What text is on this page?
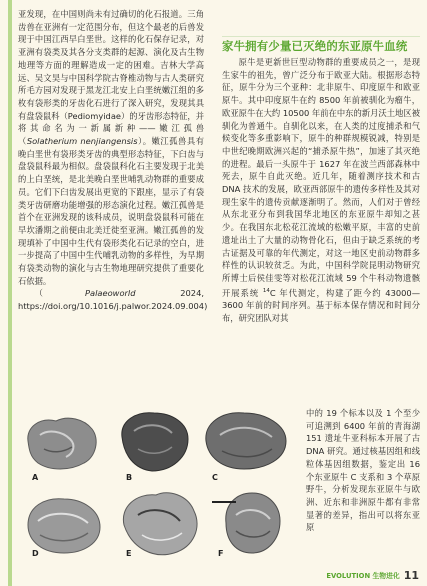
亚发现，在中国则尚未有过确切的化石报道。三角齿兽在亚洲有一定范围分布，但这个最老的后兽发现于中国江西早白垩世。这样的化石保存记录，对亚洲有袋类及其各分支类群的起源、演化及古生物地理等方面的理解造成一定的困难。吉林大学高远、吴文昊与中国科学院古脊椎动物与古人类研究所毛方园对发现于黑龙江北安上白垩统嫩江组的多枚有袋形类的牙齿化石进行了深入研究，发现其具有盘袋鼠科（Pediomyidae）的牙齿形态特征，并将其命名为一新属新种——嫩江孤兽（Solatherium nenjiangensis）。嫩江孤兽具有晚白垩世有袋形类牙齿的典型形态特征，下臼齿与盘袋鼠科最为相似。盘袋鼠科化石主要发现于北美的上白垩统，是北美晚白垩世哺乳动物群的重要成员。它们下臼齿发展出更宽的下跟座，显示了有袋类牙齿研磨功能增强的形态演化过程。嫩江孤兽是首个在亚洲发现的该科成员，说明盘袋鼠科可能在早坎潘期之前便由北美迁徙至亚洲。嫩江孤兽的发现填补了中国中生代有袋形类化石记录的空白，进一步提高了中国中生代哺乳动物的多样性，为早期有袋类动物的演化与古生物地理研究提供了重要化石依据。

（Palaeoworld 2024, https://doi.org/10.1016/j.palwor.2024.09.004)

家牛拥有少量已灭绝的东亚原牛血统

原牛是更新世巨型动物群的重要成员之一，是现生家牛的祖先，曾广泛分布于欧亚大陆。根据形态特征，原牛分为三个亚种：北非原牛、印度原牛和欧亚原牛。其中印度原牛在约 8500 年前被驯化为瘤牛，欧亚原牛在大约 10500 年前在中东的新月沃土地区被驯化为普通牛。自驯化以来，在人类的过度捕杀和气候变化等多重影响下，原牛的种群规模锐减，特别是中世纪晚期欧洲兴起的“捕杀原牛热”，加速了其灭绝的进程。最后一头原牛于 1627 年在波兰西部森林中死去，原牛自此灭绝。近几年，随着测序技术和古 DNA 技术的发展，欧亚西部原牛的遗传多样性及其对现生家牛的遗传贡献逐渐明了。然而，人们对于曾经从东北亚分布到我国华北地区的东亚原牛却知之甚少。在我国东北松花江流域的松嫩平原，丰富的史前遗址出土了大量的动物骨化石，但由于缺乏系统的考古证据及可靠的年代测定，对这一地区史前动物群多样性的认识较贫乏。为此，中国科学院昆明动物研究所博士后侯佳雯等对松花江流域 59 个牛科动物遗骸开展系统 $^{14}$C 年代测定，构建了距今约 43000—3600 年前的时间序列。基于标本保存情况和时间分布，研究团队对其

中的 19 个标本以及 1 个至少可追溯到 6400 年前的青海湖 151 遗址牛亚科标本开展了古 DNA 研究。通过核基因组和线粒体基因组数据，鉴定出 16 个东亚原牛 C 支系和 3 个草原野牛，分析发现东亚原牛与欧洲、近东和非洲原牛都有非常显著的差异，指出可以将东亚原
A	B	C
D	E	F
EVOLUTION 生物进化 11
